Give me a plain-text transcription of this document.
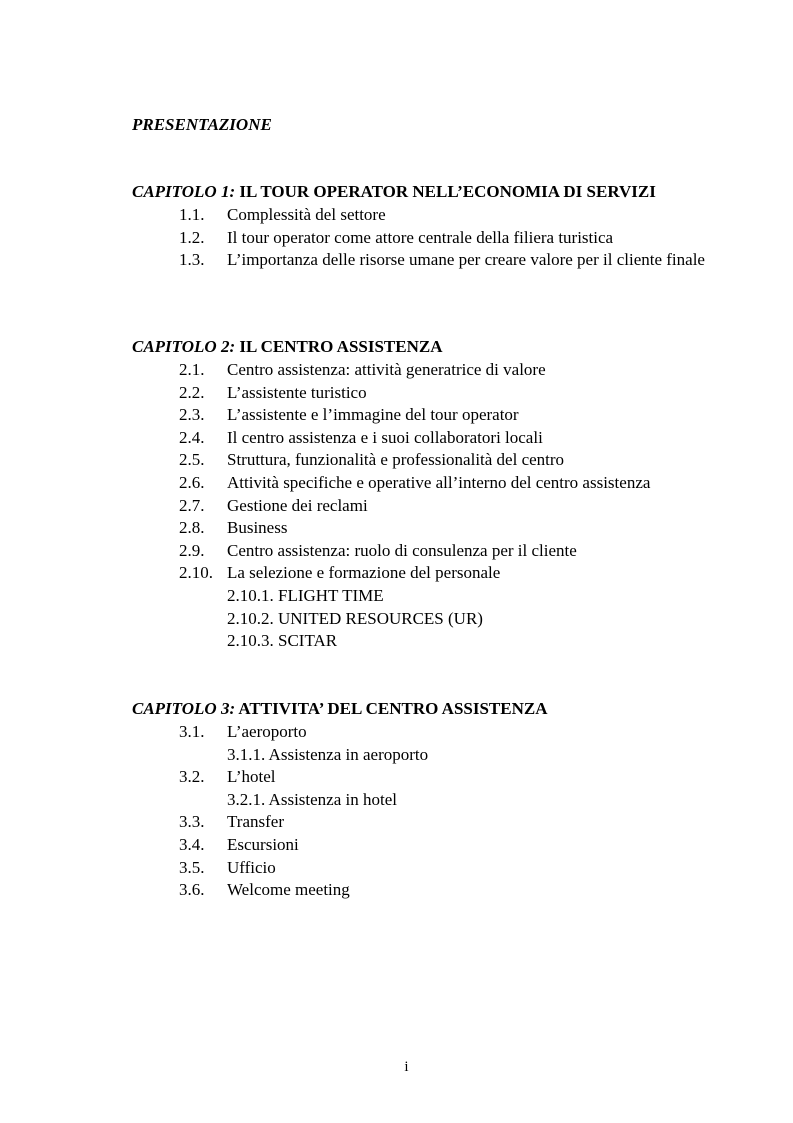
PRESENTAZIONE
CAPITOLO 1: IL TOUR OPERATOR NELL’ECONOMIA DI SERVIZI
1.1. Complessità del settore
1.2. Il tour operator come attore centrale della filiera turistica
1.3. L’importanza delle risorse umane per creare valore per il cliente finale
CAPITOLO 2: IL CENTRO ASSISTENZA
2.1. Centro assistenza: attività generatrice di valore
2.2. L’assistente turistico
2.3. L’assistente e l’immagine del tour operator
2.4. Il centro assistenza e i suoi collaboratori locali
2.5. Struttura, funzionalità e professionalità del centro
2.6. Attività specifiche e operative all’interno del centro assistenza
2.7. Gestione dei reclami
2.8. Business
2.9. Centro assistenza: ruolo di consulenza per il cliente
2.10. La selezione e formazione del personale
2.10.1. FLIGHT TIME
2.10.2. UNITED RESOURCES (UR)
2.10.3. SCITAR
CAPITOLO 3: ATTIVITA’ DEL CENTRO ASSISTENZA
3.1. L’aeroporto
3.1.1. Assistenza in aeroporto
3.2. L’hotel
3.2.1. Assistenza in hotel
3.3. Transfer
3.4. Escursioni
3.5. Ufficio
3.6. Welcome meeting
i
